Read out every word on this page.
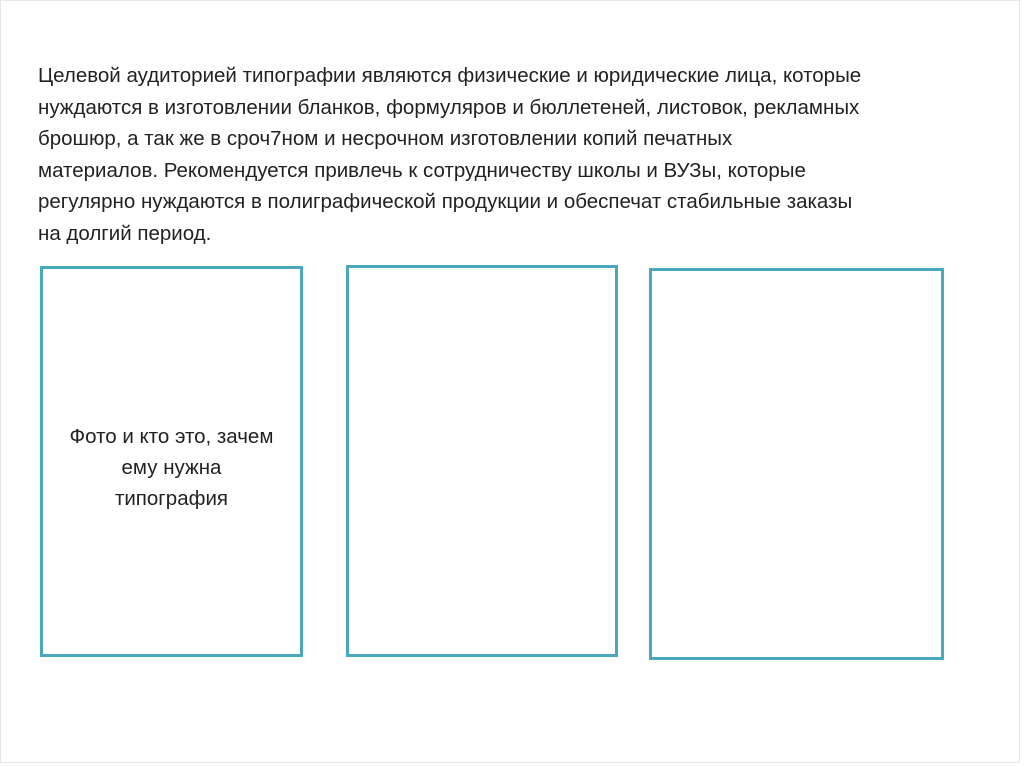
Целевой аудиторией типографии являются физические и юридические лица, которые
нуждаются в изготовлении бланков, формуляров и бюллетеней, листовок, рекламных
брошюр, а так же в сроч7ном и несрочном изготовлении копий печатных
материалов. Рекомендуется привлечь к сотрудничеству школы и ВУЗы, которые
регулярно нуждаются в полиграфической продукции и обеспечат стабильные заказы
на долгий период.

Фото и кто это, зачем
ему нужна
типография
